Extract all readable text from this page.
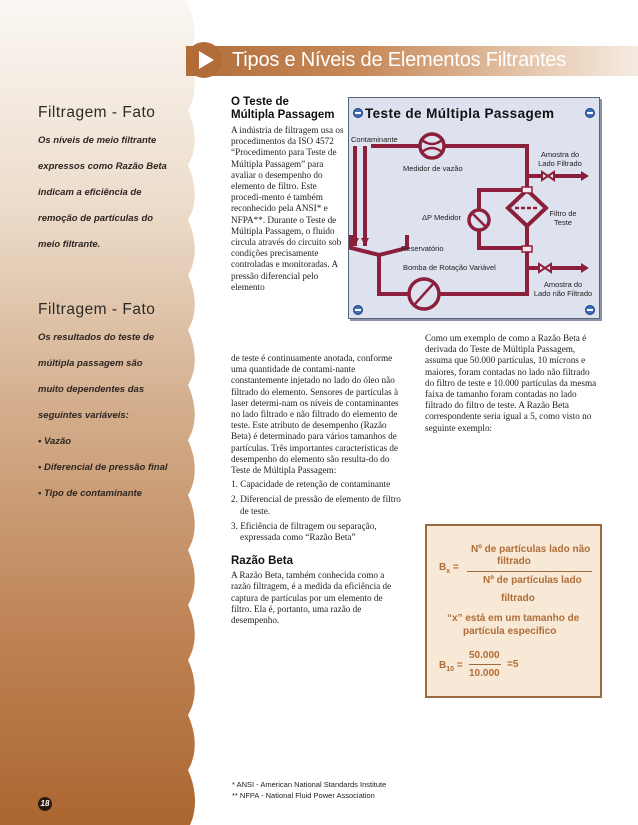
Filtragem - Fato
Os níveis de meio filtrante
expressos como Razão Beta
indicam a eficiência de
remoção de partículas do
meio filtrante.
Filtragem - Fato
Os resultados do teste de
múltipla passagem são
muito dependentes das
seguintes variáveis:
• Vazão
• Diferencial de pressão final
• Tipo de contaminante
18
Tipos e Níveis de Elementos Filtrantes
O Teste de
Múltipla Passagem
A indústria de filtragem usa os procedimentos da ISO 4572 “Procedimento para Teste de Múltipla Passagem” para avaliar o desempenho do elemento de filtro. Este procedi-mento é também reconhecido pela ANSI* e NFPA**. Durante o Teste de Múltipla Passagem, o fluido circula através do circuito sob condições precisamente controladas e monitoradas. A pressão diferencial pelo elemento
de teste é continuamente anotada, conforme uma quantidade de contami-nante constantemente injetado no lado do óleo não filtrado do elemento. Sensores de partículas à laser determi-nam os níveis de contaminantes no lado filtrado e não filtrado do elemento de teste. Este atributo de desempenho (Razão Beta) é determinado para vários tamanhos de partículas. Três importantes características de desempenho do elemento são resulta-do do Teste de Múltipla Passagem:
1. Capacidade de retenção de contaminante
2. Diferencial de pressão de elemento de filtro de teste.
3. Eficiência de filtragem ou separação, expressada como “Razão Beta”
Razão Beta
A Razão Beta, também conhecida como a razão filtragem, é a medida da eficiência de captura de partículas por um elemento de filtro. Ela é, portanto, uma razão de desempenho.
Como um exemplo de como a Razão Beta é derivada do Teste de Múltipla Passagem, assuma que 50.000 partículas, 10 mícrons e maiores, foram contadas no lado não filtrado do filtro de teste e 10.000 partículas da mesma faixa de tamanho foram contadas no lado filtrado do filtro de teste. A Razão Beta correspondente seria igual a 5, como visto no seguinte exemplo:
Teste de Múltipla Passagem
Contaminante
Medidor de vazão
Amostra do
Lado Filtrado
ΔP Medidor	Filtro de
Teste
Reservatório
Bomba de Rotação Variável
Amostra do
Lado não Filtrado
Nº de partículas lado não
filtrado
$B_x$ =
Nº de partículas lado
filtrado
“x” está em um tamanho de
partícula específico
$B_{10}$ =
50.000
10.000
=5
* ANSI - American National Standards Institute
** NFPA - National Fluid Power Association
